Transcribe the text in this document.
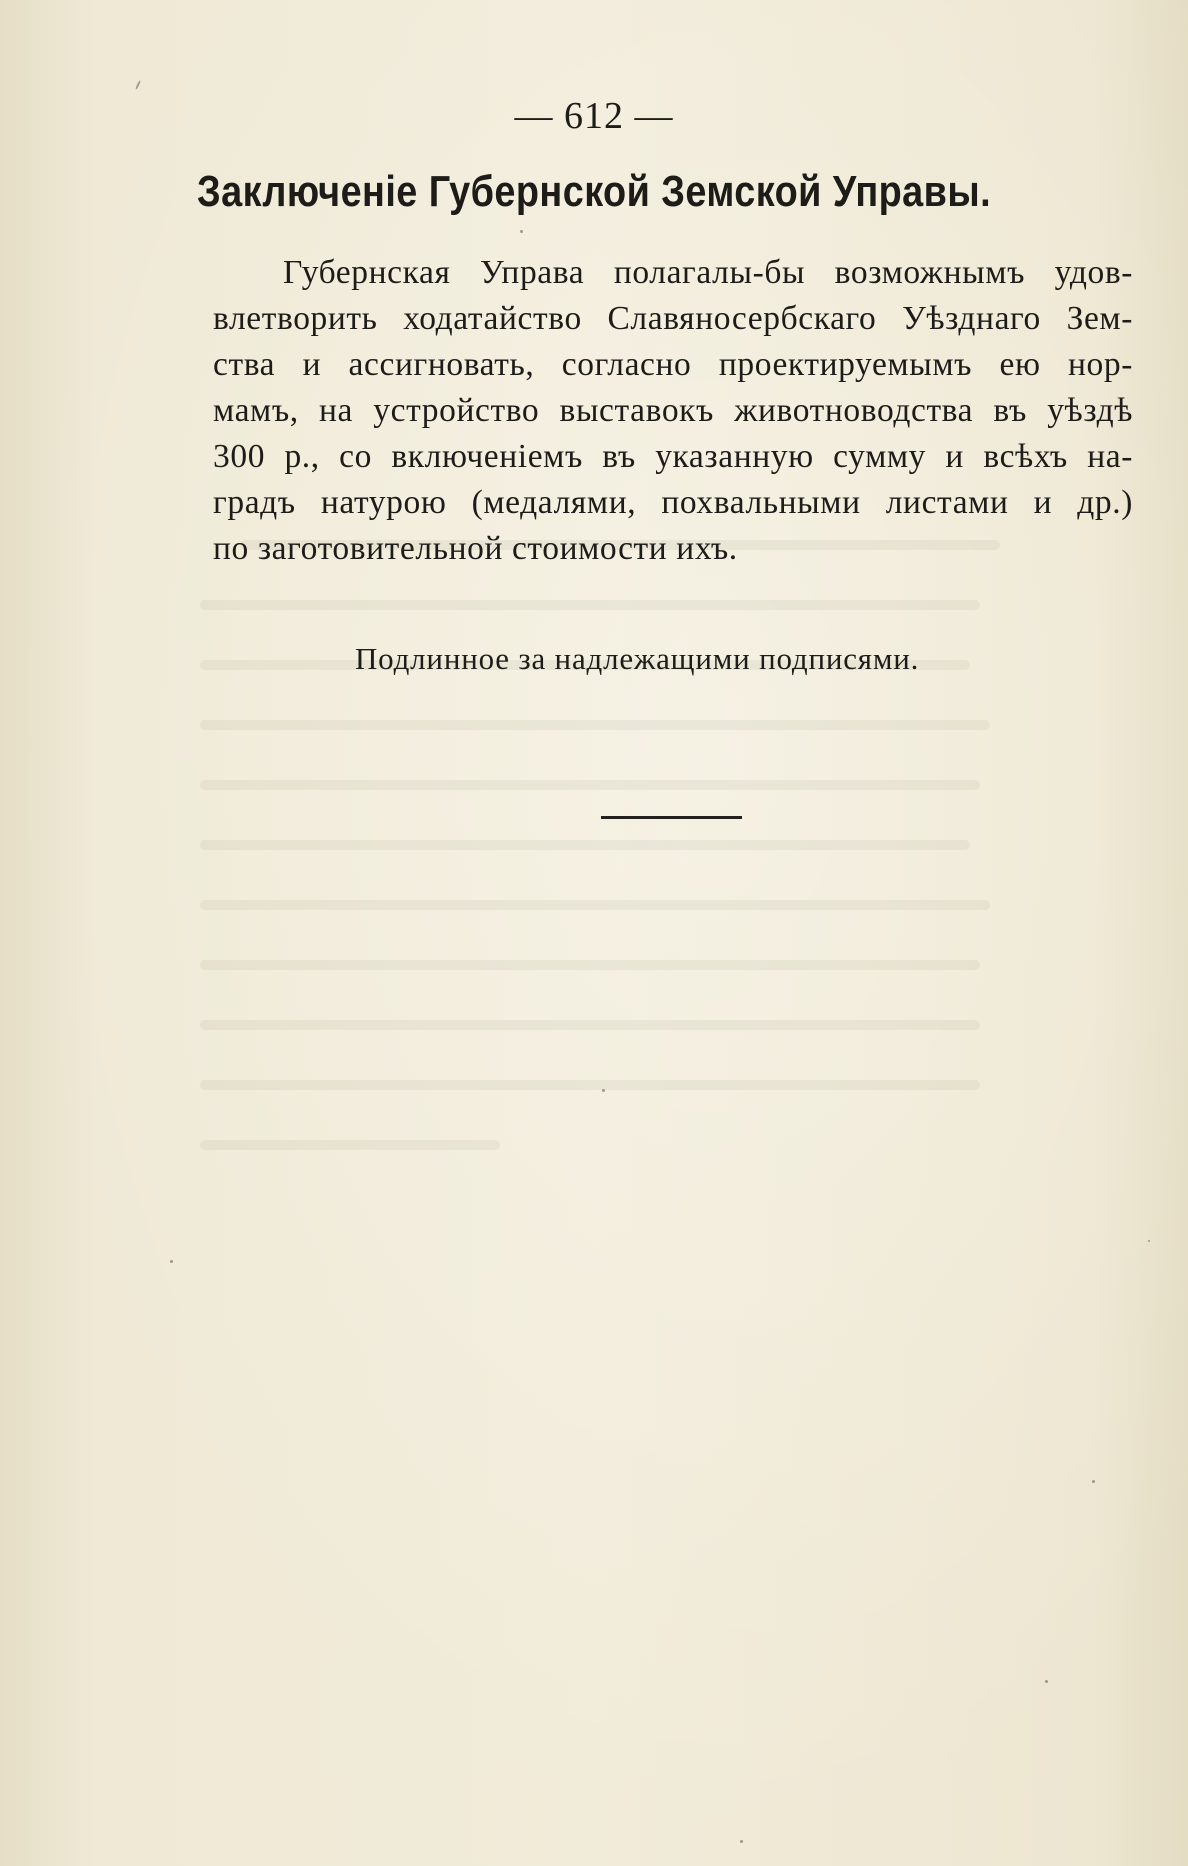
— 612 —
Заключеніе Губернской Земской Управы.
Губернская Управа полагалы-бы возможнымъ удов-
влетворить ходатайство Славяносербскаго Уѣзднаго Зем-
ства и ассигновать, согласно проектируемымъ ею нор-
мамъ, на устройство выставокъ животноводства въ уѣздѣ
300 р., со включеніемъ въ указанную сумму и всѣхъ на-
градъ натурою (медалями, похвальными листами и др.)
по заготовительной стоимости ихъ.
Подлинное за надлежащими подписями.
